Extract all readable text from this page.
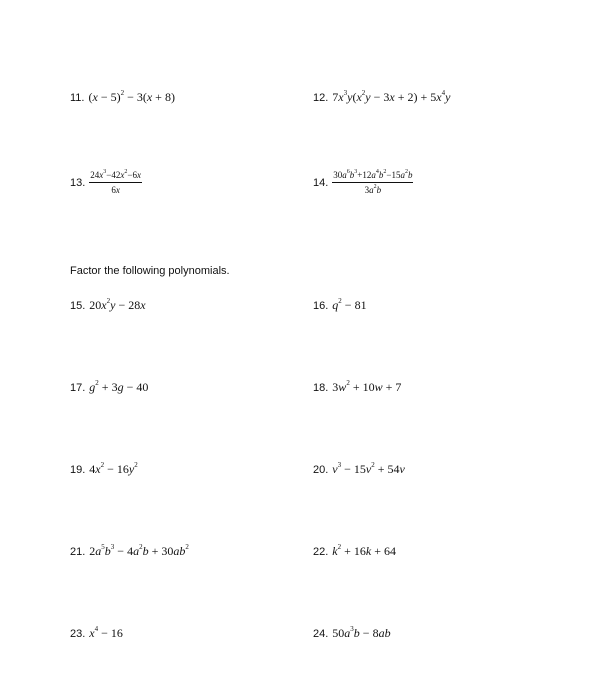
11. $(x - 5)^2 - 3(x + 8)$	12. $7x^3y(x^2y - 3x + 2) + 5x^4y$
13. $\frac{24x^3-42x^2-6x}{6x}$	14. $\frac{30a^6b^3+12a^4b^2-15a^2b}{3a^2b}$
Factor the following polynomials.
15. $20x^2y - 28x$	16. $q^2 - 81$
17. $g^2 + 3g - 40$	18. $3w^2 + 10w + 7$
19. $4x^2 - 16y^2$	20. $v^3 - 15v^2 + 54v$
21. $2a^5b^3 - 4a^2b + 30ab^2$	22. $k^2 + 16k + 64$
23. $x^4 - 16$	24. $50a^3b - 8ab$
